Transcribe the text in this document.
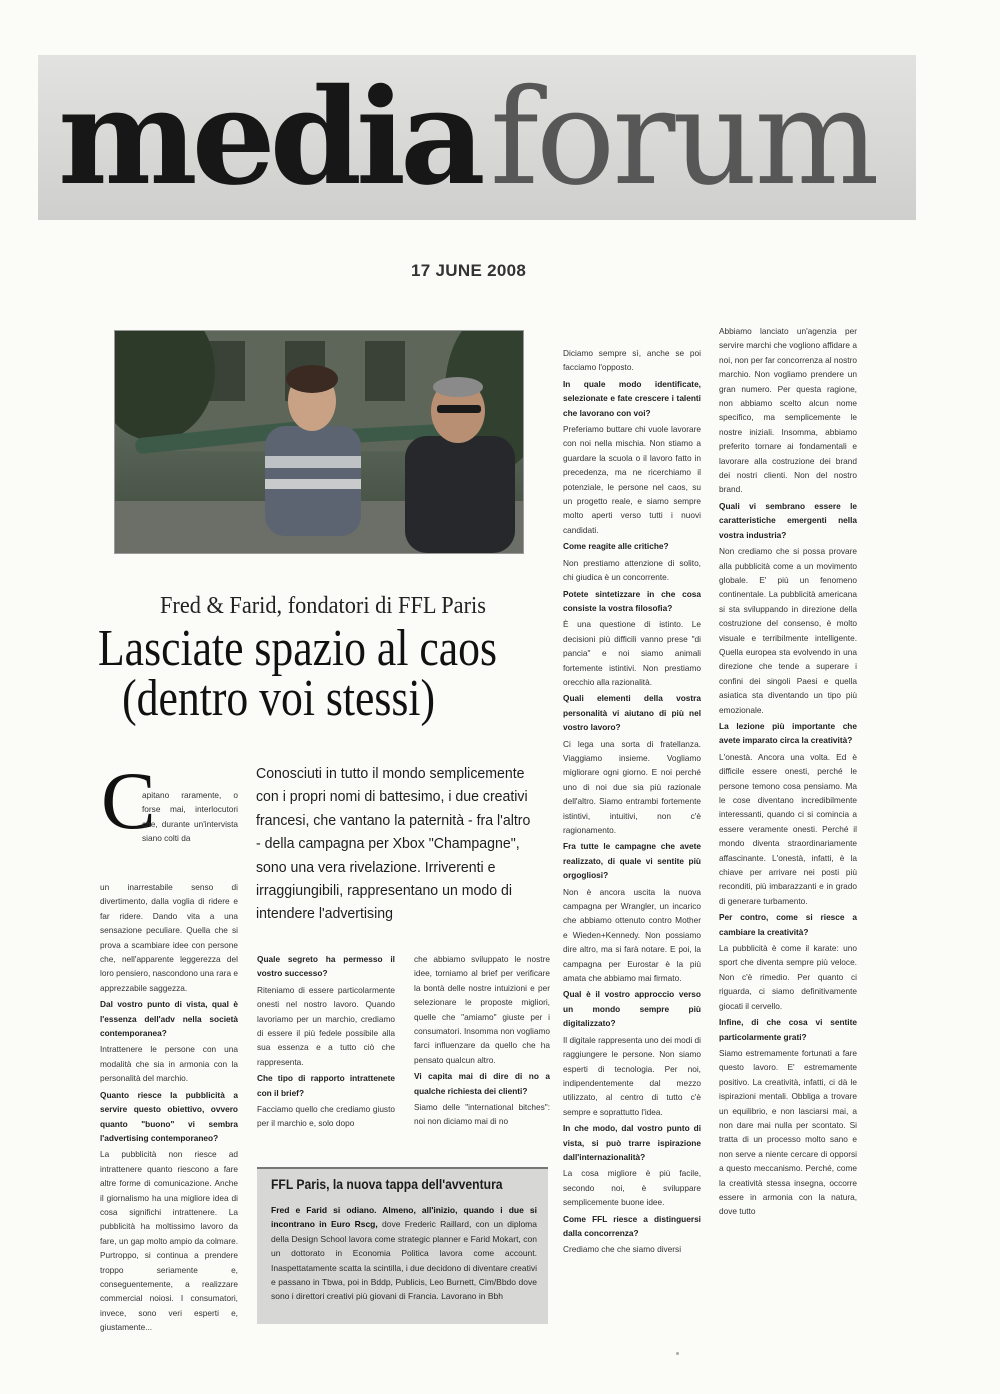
media forum
17 JUNE 2008
Fred & Farid, fondatori di FFL Paris
Lasciate spazio al caos
(dentro voi stessi)
C
apitano raramente, o forse mai, interlocutori che, durante un'intervista siano colti da
Conosciuti in tutto il mondo semplicemente con i propri nomi di battesimo, i due creativi francesi, che vantano la paternità - fra l'altro - della campagna per Xbox "Champagne", sono una vera rivelazione. Irriverenti e irraggiungibili, rappresentano un modo di intendere l'advertising

un inarrestabile senso di divertimento, dalla voglia di ridere e far ridere. Dando vita a una sensazione peculiare. Quella che si prova a scambiare idee con persone che, nell'apparente leggerezza del loro pensiero, nascondono una rara e apprezzabile saggezza.

Dal vostro punto di vista, qual è l'essenza dell'adv nella società contemporanea?

Intrattenere le persone con una modalità che sia in armonia con la personalità del marchio.

Quanto riesce la pubblicità a servire questo obiettivo, ovvero quanto "buono" vi sembra l'advertising contemporaneo?

La pubblicità non riesce ad intrattenere quanto riescono a fare altre forme di comunicazione. Anche il giornalismo ha una migliore idea di cosa significhi intrattenere. La pubblicità ha moltissimo lavoro da fare, un gap molto ampio da colmare. Purtroppo, si continua a prendere troppo seriamente e, conseguentemente, a realizzare commercial noiosi. I consumatori, invece, sono veri esperti e, giustamente...

Quale segreto ha permesso il vostro successo?

Riteniamo di essere particolarmente onesti nel nostro lavoro. Quando lavoriamo per un marchio, crediamo di essere il più fedele possibile alla sua essenza e a tutto ciò che rappresenta.

Che tipo di rapporto intrattenete con il brief?

Facciamo quello che crediamo giusto per il marchio e, solo dopo

che abbiamo sviluppato le nostre idee, torniamo al brief per verificare la bontà delle nostre intuizioni e per selezionare le proposte migliori, quelle che "amiamo" giuste per i consumatori. Insomma non vogliamo farci influenzare da quello che ha pensato qualcun altro.

Vi capita mai di dire di no a qualche richiesta dei clienti?

Siamo delle "international bitches": noi non diciamo mai di no

Diciamo sempre sì, anche se poi facciamo l'opposto.

In quale modo identificate, selezionate e fate crescere i talenti che lavorano con voi?

Preferiamo buttare chi vuole lavorare con noi nella mischia. Non stiamo a guardare la scuola o il lavoro fatto in precedenza, ma ne ricerchiamo il potenziale, le persone nel caos, su un progetto reale, e siamo sempre molto aperti verso tutti i nuovi candidati.

Come reagite alle critiche?

Non prestiamo attenzione di solito, chi giudica è un concorrente.

Potete sintetizzare in che cosa consiste la vostra filosofia?

È una questione di istinto. Le decisioni più difficili vanno prese "di pancia" e noi siamo animali fortemente istintivi. Non prestiamo orecchio alla razionalità.

Quali elementi della vostra personalità vi aiutano di più nel vostro lavoro?

Ci lega una sorta di fratellanza. Viaggiamo insieme. Vogliamo migliorare ogni giorno. E noi perché uno di noi due sia più razionale dell'altro. Siamo entrambi fortemente istintivi, intuitivi, non c'è ragionamento.

Fra tutte le campagne che avete realizzato, di quale vi sentite più orgogliosi?

Non è ancora uscita la nuova campagna per Wrangler, un incarico che abbiamo ottenuto contro Mother e Wieden+Kennedy. Non possiamo dire altro, ma si farà notare. E poi, la campagna per Eurostar è la più amata che abbiamo mai firmato.

Qual è il vostro approccio verso un mondo sempre più digitalizzato?

Il digitale rappresenta uno dei modi di raggiungere le persone. Non siamo esperti di tecnologia. Per noi, indipendentemente dal mezzo utilizzato, al centro di tutto c'è sempre e soprattutto l'idea.

In che modo, dal vostro punto di vista, si può trarre ispirazione dall'internazionalità?

La cosa migliore è più facile, secondo noi, è sviluppare semplicemente buone idee.

Come FFL riesce a distinguersi dalla concorrenza?

Crediamo che che siamo diversi

Abbiamo lanciato un'agenzia per servire marchi che vogliono affidare a noi, non per far concorrenza al nostro marchio. Non vogliamo prendere un gran numero. Per questa ragione, non abbiamo scelto alcun nome specifico, ma semplicemente le nostre iniziali. Insomma, abbiamo preferito tornare ai fondamentali e lavorare alla costruzione dei brand dei nostri clienti. Non del nostro brand.

Quali vi sembrano essere le caratteristiche emergenti nella vostra industria?

Non crediamo che si possa provare alla pubblicità come a un movimento globale. E' più un fenomeno continentale. La pubblicità americana si sta sviluppando in direzione della costruzione del consenso, è molto visuale e terribilmente intelligente. Quella europea sta evolvendo in una direzione che tende a superare i confini dei singoli Paesi e quella asiatica sta diventando un tipo più emozionale.

La lezione più importante che avete imparato circa la creatività?

L'onestà. Ancora una volta. Ed è difficile essere onesti, perché le persone temono cosa pensiamo. Ma le cose diventano incredibilmente interessanti, quando ci si comincia a essere veramente onesti. Perché il mondo diventa straordinariamente affascinante. L'onestà, infatti, è la chiave per arrivare nei posti più reconditi, più imbarazzanti e in grado di generare turbamento.

Per contro, come si riesce a cambiare la creatività?

La pubblicità è come il karate: uno sport che diventa sempre più veloce. Non c'è rimedio. Per quanto ci riguarda, ci siamo definitivamente giocati il cervello.

Infine, di che cosa vi sentite particolarmente grati?

Siamo estremamente fortunati a fare questo lavoro. E' estremamente positivo. La creatività, infatti, ci dà le ispirazioni mentali. Obbliga a trovare un equilibrio, e non lasciarsi mai, a non dare mai nulla per scontato. Si tratta di un processo molto sano e non serve a niente cercare di opporsi a questo meccanismo. Perché, come la creatività stessa insegna, occorre essere in armonia con la natura, dove tutto

FFL Paris, la nuova tappa dell'avventura
Fred e Farid si odiano. Almeno, all'inizio, quando i due si incontrano in Euro Rscg, dove Frederic Raillard, con un diploma della Design School lavora come strategic planner e Farid Mokart, con un dottorato in Economia Politica lavora come account. Inaspettatamente scatta la scintilla, i due decidono di diventare creativi e passano in Tbwa, poi in Bddp, Publicis, Leo Burnett, Cim/Bbdo dove sono i direttori creativi più giovani di Francia. Lavorano in Bbh
